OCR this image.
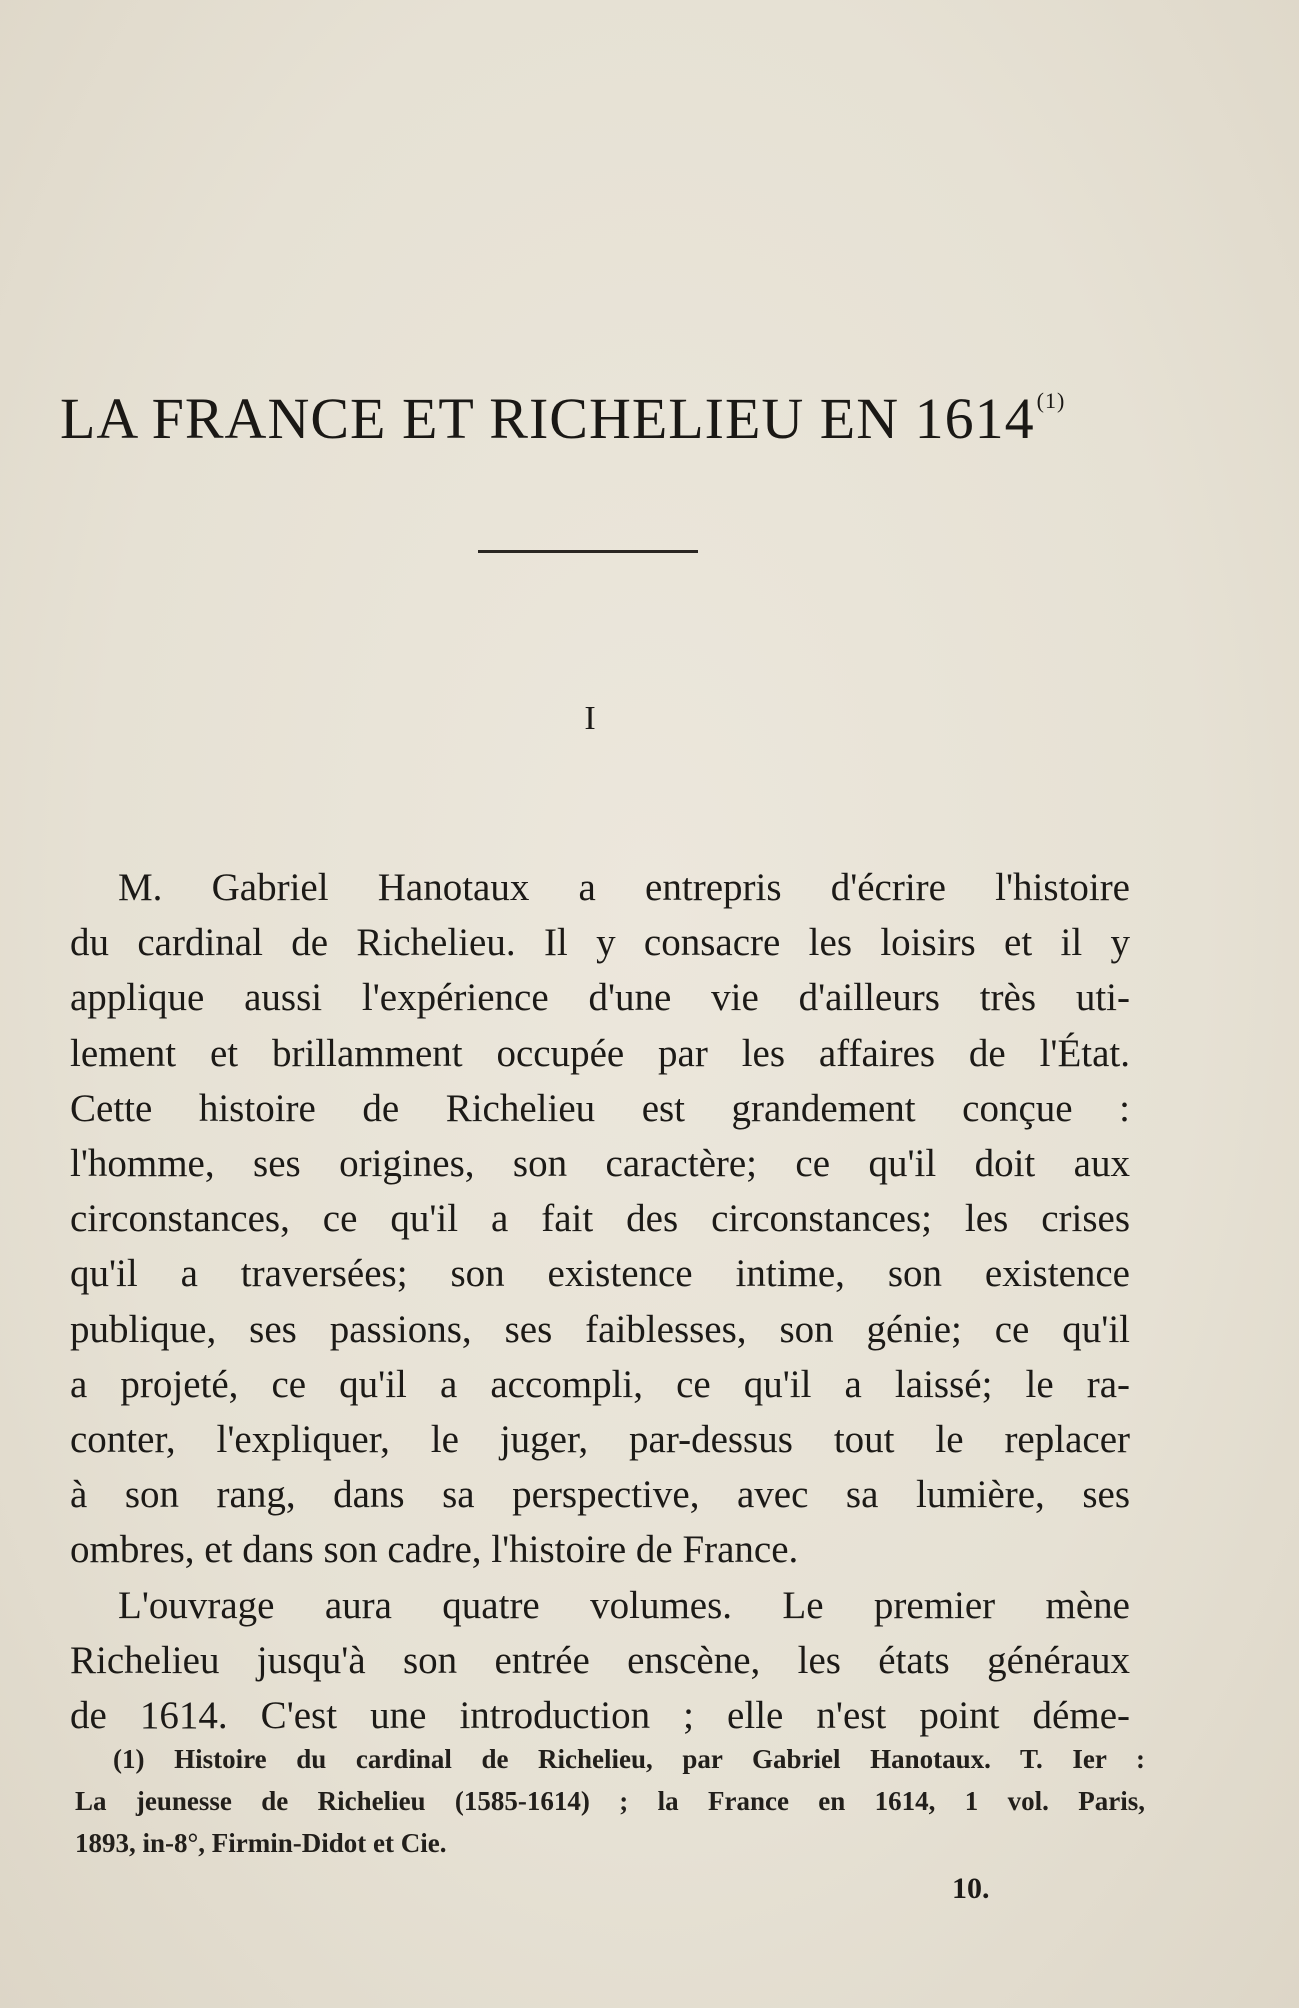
LA FRANCE ET RICHELIEU EN 1614$^{(1)}$
I
M. Gabriel Hanotaux a entrepris d'écrire l'histoire
du cardinal de Richelieu. Il y consacre les loisirs et il y
applique aussi l'expérience d'une vie d'ailleurs très uti-
lement et brillamment occupée par les affaires de l'État.
Cette histoire de Richelieu est grandement conçue :
l'homme, ses origines, son caractère; ce qu'il doit aux
circonstances, ce qu'il a fait des circonstances; les crises
qu'il a traversées; son existence intime, son existence
publique, ses passions, ses faiblesses, son génie; ce qu'il
a projeté, ce qu'il a accompli, ce qu'il a laissé; le ra-
conter, l'expliquer, le juger, par-dessus tout le replacer
à son rang, dans sa perspective, avec sa lumière, ses
ombres, et dans son cadre, l'histoire de France.
L'ouvrage aura quatre volumes. Le premier mène
Richelieu jusqu'à son entrée enscène, les états généraux
de 1614. C'est une introduction ; elle n'est point déme-
(1) Histoire du cardinal de Richelieu, par Gabriel Hanotaux. T. Ier :
La jeunesse de Richelieu (1585-1614) ; la France en 1614, 1 vol. Paris,
1893, in-8°, Firmin-Didot et Cie.
10.
